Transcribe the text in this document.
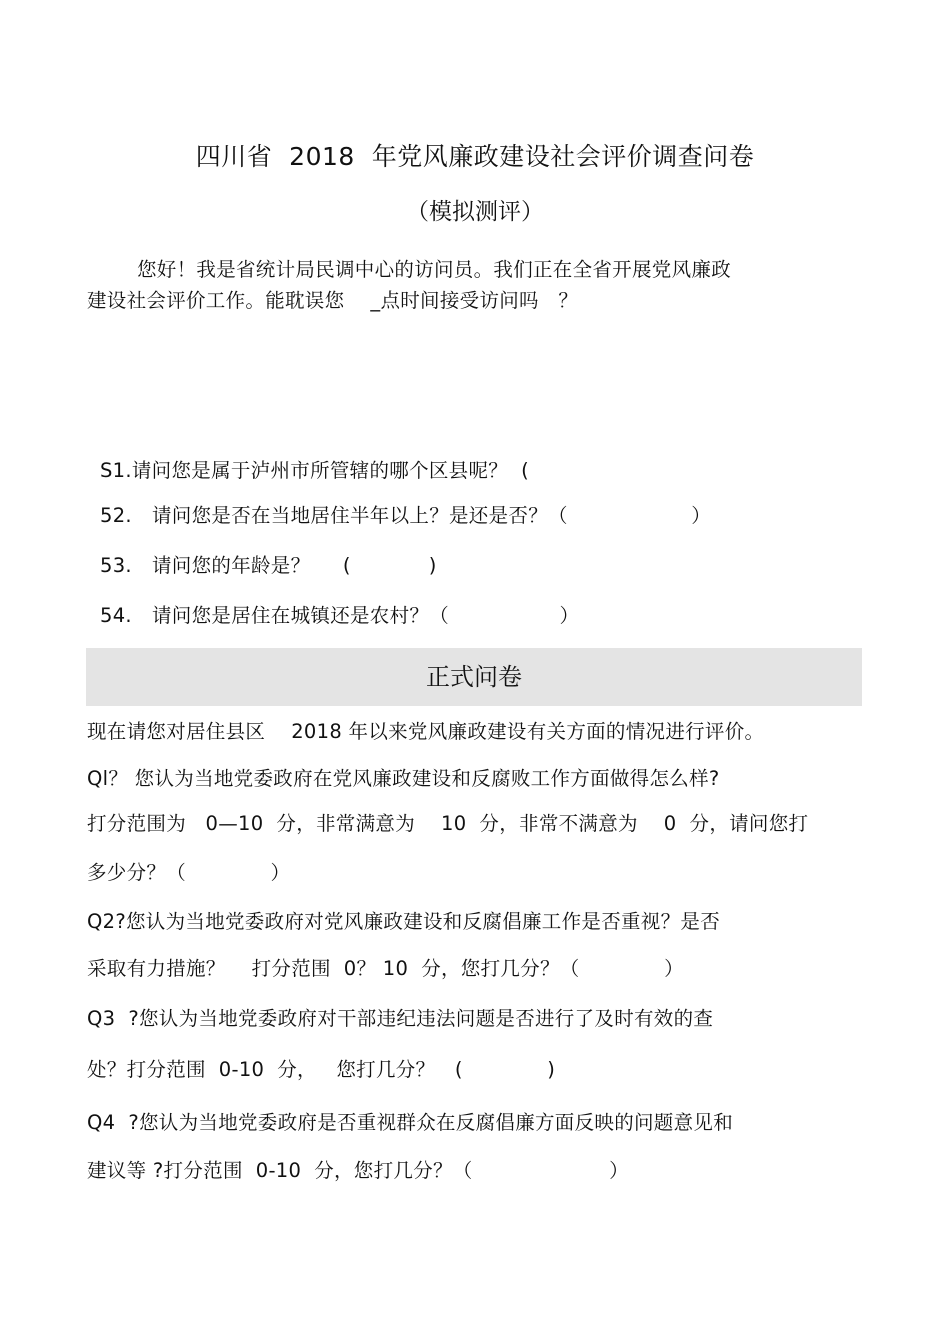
四川省  2018  年党风廉政建设社会评价调查问卷
（模拟测评）
您好！我是省统计局民调中心的访问员。我们正在全省开展党风廉政
建设社会评价工作。能耽误您    _点时间接受访问吗   ？

S1.请问您是属于泸州市所管辖的哪个区县呢？  (

52. 请问您是否在当地居住半年以上？是还是否？（                   ）

53. 请问您的年龄是？     (            )

54. 请问您是居住在城镇还是农村？（                 ）

正式问卷
现在请您对居住县区    2018 年以来党风廉政建设有关方面的情况进行评价。
Ql？ 您认为当地党委政府在党风廉政建设和反腐败工作方面做得怎么样?
打分范围为   0—10  分，非常满意为    10  分，非常不满意为    0  分，请问您打
多少分？（             ）
Q2?您认为当地党委政府对党风廉政建设和反腐倡廉工作是否重视？是否
采取有力措施？    打分范围  0？ 10  分，您打几分？（             ）
Q3  ?您认为当地党委政府对干部违纪违法问题是否进行了及时有效的查
处？打分范围  0-10  分，   您打几分？   (             )
Q4  ?您认为当地党委政府是否重视群众在反腐倡廉方面反映的问题意见和
建议等 ?打分范围  0-10  分，您打几分？（                     ）
